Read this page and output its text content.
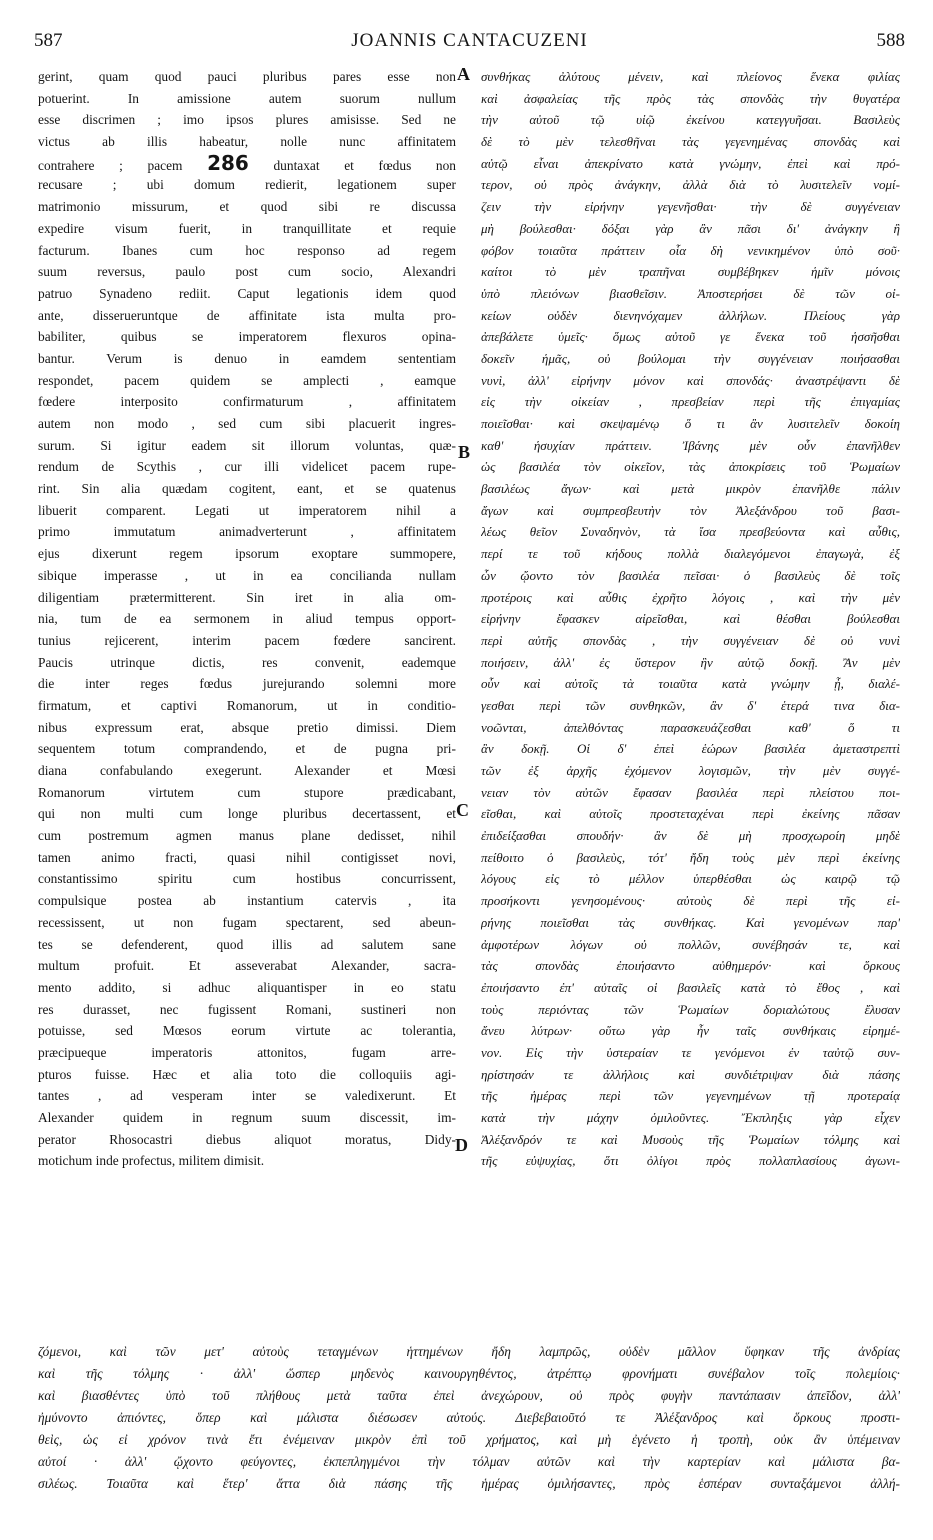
587	JOANNIS CANTACUZENI	588
A
B
C
D
gerint, quam quod pauci pluribus pares esse non
potuerint. In amissione autem suorum nullum
esse discrimen ; imo ipsos plures amisisse. Sed ne
victus ab illis habeatur, nolle nunc affinitatem
contrahere ; pacem 286 duntaxat et fœdus non
recusare ; ubi domum redierit, legationem super
matrimonio missurum, et quod sibi re discussa
expedire visum fuerit, in tranquillitate et requie
facturum. Ibanes cum hoc responso ad regem
suum reversus, paulo post cum socio, Alexandri
patruo Synadeno rediit. Caput legationis idem quod
ante, disserueruntque de affinitate ista multa pro-
babiliter, quibus se imperatorem flexuros opina-
bantur. Verum is denuo in eamdem sententiam
respondet, pacem quidem se amplecti , eamque
fœdere interposito confirmaturum , affinitatem
autem non modo , sed cum sibi placuerit ingres-
surum. Si igitur eadem sit illorum voluntas, quæ-
rendum de Scythis , cur illi videlicet pacem rupe-
rint. Sin alia quædam cogitent, eant, et se quatenus
libuerit comparent. Legati ut imperatorem nihil a
primo immutatum animadverterunt , affinitatem
ejus dixerunt regem ipsorum exoptare summopere,
sibique imperasse , ut in ea concilianda nullam
diligentiam prætermitterent. Sin iret in alia om-
nia, tum de ea sermonem in aliud tempus opport-
tunius rejicerent, interim pacem fœdere sancirent.
Paucis utrinque dictis, res convenit, eademque
die inter reges fœdus jurejurando solemni more
firmatum, et captivi Romanorum, ut in conditio-
nibus expressum erat, absque pretio dimissi. Diem
sequentem totum comprandendo, et de pugna pri-
diana confabulando exegerunt. Alexander et Mœsi
Romanorum virtutem cum stupore prædicabant,
qui non multi cum longe pluribus decertassent, et
cum postremum agmen manus plane dedisset, nihil
tamen animo fracti, quasi nihil contigisset novi,
constantissimo spiritu cum hostibus concurrissent,
compulsique postea ab instantium catervis , ita
recessissent, ut non fugam spectarent, sed abeun-
tes se defenderent, quod illis ad salutem sane
multum profuit. Et asseverabat Alexander, sacra-
mento addito, si adhuc aliquantisper in eo statu
res durasset, nec fugissent Romani, sustineri non
potuisse, sed Mœsos eorum virtute ac tolerantia,
præcipueque imperatoris attonitos, fugam arre-
pturos fuisse. Hæc et alia toto die colloquiis agi-
tantes , ad vesperam inter se valedixerunt. Et
Alexander quidem in regnum suum discessit, im-
perator Rhosocastri diebus aliquot moratus, Didy-
motichum inde profectus, militem dimisit.
συνθήκας ἀλύτους μένειν, καὶ πλείονος ἕνεκα φιλίας
καὶ ἀσφαλείας τῆς πρὸς τὰς σπονδὰς τὴν θυγατέρα
τὴν αὐτοῦ τῷ υἱῷ ἐκείνου κατεγγυῆσαι. Βασιλεὺς
δὲ τὸ μὲν τελεσθῆναι τὰς γεγενημένας σπονδὰς καὶ
αὐτῷ εἶναι ἀπεκρίνατο κατὰ γνώμην, ἐπεὶ καὶ πρό-
τερον, οὐ πρὸς ἀνάγκην, ἀλλὰ διὰ τὸ λυσιτελεῖν νομί-
ζειν τὴν εἰρήνην γεγενῆσθαι· τὴν δὲ συγγένειαν
μὴ βούλεσθαι· δόξαι γὰρ ἂν πᾶσι δι' ἀνάγκην ἢ
φόβον τοιαῦτα πράττειν οἷα δὴ νενικημένον ὑπὸ σοῦ·
καίτοι τὸ μὲν τραπῆναι συμβέβηκεν ἡμῖν μόνοις
ὑπὸ πλειόνων βιασθεῖσιν. Ἀποστερήσει δὲ τῶν οἰ-
κείων οὐδὲν διενηνόχαμεν ἀλλήλων. Πλείους γὰρ
ἀπεβάλετε ὑμεῖς· ὅμως αὐτοῦ γε ἕνεκα τοῦ ἡσσῆσθαι
δοκεῖν ἡμᾶς, οὐ βούλομαι τὴν συγγένειαν ποιήσασθαι
νυνὶ, ἀλλ' εἰρήνην μόνον καὶ σπονδάς· ἀναστρέψαντι δὲ
εἰς τὴν οἰκείαν , πρεσβείαν περὶ τῆς ἐπιγαμίας
ποιεῖσθαι· καὶ σκεψαμένῳ ὅ τι ἂν λυσιτελεῖν δοκοίη
καθ' ἡσυχίαν πράττειν. Ἰβάνης μὲν οὖν ἐπανῆλθεν
ὡς βασιλέα τὸν οἰκεῖον, τὰς ἀποκρίσεις τοῦ Ῥωμαίων
βασιλέως ἄγων· καὶ μετὰ μικρὸν ἐπανῆλθε πάλιν
ἄγων καὶ συμπρεσβευτὴν τὸν Ἀλεξάνδρου τοῦ βασι-
λέως θεῖον Συναδηνὸν, τὰ ἴσα πρεσβεύοντα καὶ αὖθις,
περί τε τοῦ κήδους πολλὰ διαλεγόμενοι ἐπαγωγὰ, ἐξ
ὧν ᾤοντο τὸν βασιλέα πεῖσαι· ὁ βασιλεὺς δὲ τοῖς
προτέροις καὶ αὖθις ἐχρῆτο λόγοις , καὶ τὴν μὲν
εἰρήνην ἔφασκεν αἱρεῖσθαι, καὶ θέσθαι βούλεσθαι
περὶ αὐτῆς σπονδὰς , τὴν συγγένειαν δὲ οὐ νυνὶ
ποιήσειν, ἀλλ' ἐς ὕστερον ἣν αὐτῷ δοκῇ. Ἂν μὲν
οὖν καὶ αὐτοῖς τὰ τοιαῦτα κατὰ γνώμην ᾖ, διαλέ-
γεσθαι περὶ τῶν συνθηκῶν, ἂν δ' ἑτερά τινα δια-
νοῶνται, ἀπελθόντας παρασκευάζεσθαι καθ' ὅ τι
ἂν δοκῇ. Οἱ δ' ἐπεὶ ἑώρων βασιλέα ἀμεταστρεπτὶ
τῶν ἐξ ἀρχῆς ἐχόμενον λογισμῶν, τὴν μὲν συγγέ-
νειαν τὸν αὐτῶν ἔφασαν βασιλέα περὶ πλείστου ποι-
εῖσθαι, καὶ αὐτοῖς προστεταχέναι περὶ ἐκείνης πᾶσαν
ἐπιδείξασθαι σπουδήν· ἂν δὲ μὴ προσχωροίη μηδὲ
πείθοιτο ὁ βασιλεὺς, τότ' ἤδη τοὺς μὲν περὶ ἐκείνης
λόγους εἰς τὸ μέλλον ὑπερθέσθαι ὡς καιρῷ τῷ
προσήκοντι γενησομένους· αὐτοὺς δὲ περὶ τῆς εἰ-
ρήνης ποιεῖσθαι τὰς συνθήκας. Καὶ γενομένων παρ'
ἀμφοτέρων λόγων οὐ πολλῶν, συνέβησάν τε, καὶ
τὰς σπονδὰς ἐποιήσαντο αὐθημερόν· καὶ ὅρκους
ἐποιήσαντο ἐπ' αὐταῖς οἱ βασιλεῖς κατὰ τὸ ἔθος , καὶ
τοὺς περιόντας τῶν Ῥωμαίων δοριαλώτους ἔλυσαν
ἄνευ λύτρων· οὕτω γὰρ ἦν ταῖς συνθήκαις εἰρημέ-
νον. Εἰς τὴν ὑστεραίαν τε γενόμενοι ἐν ταὐτῷ συν-
ηρίστησάν τε ἀλλήλοις καὶ συνδιέτριψαν διὰ πάσης
τῆς ἡμέρας περὶ τῶν γεγενημένων τῇ προτεραίᾳ
κατὰ τὴν μάχην ὁμιλοῦντες. Ἔκπληξις γὰρ εἶχεν
Ἀλέξανδρόν τε καὶ Μυσοὺς τῆς Ῥωμαίων τόλμης καὶ
τῆς εὐψυχίας, ὅτι ὀλίγοι πρὸς πολλαπλασίους ἀγωνι-
ζόμενοι, καὶ τῶν μετ' αὐτοὺς τεταγμένων ἡττημένων ἤδη λαμπρῶς, οὐδὲν μᾶλλον ὕφηκαν τῆς ἀνδρίας
καὶ τῆς τόλμης · ἀλλ' ὥσπερ μηδενὸς καινουργηθέντος, ἀτρέπτῳ φρονήματι συνέβαλον τοῖς πολεμίοις·
καὶ βιασθέντες ὑπὸ τοῦ πλήθους μετὰ ταῦτα ἐπεὶ ἀνεχώρουν, οὐ πρὸς φυγὴν παντάπασιν ἀπεῖδον, ἀλλ'
ἠμύνοντο ἀπιόντες, ὅπερ καὶ μάλιστα διέσωσεν αὐτούς. Διεβεβαιοῦτό τε Ἀλέξανδρος καὶ ὅρκους προστι-
θεὶς, ὡς εἰ χρόνον τινὰ ἔτι ἐνέμειναν μικρὸν ἐπὶ τοῦ χρήματος, καὶ μὴ ἐγένετο ἡ τροπὴ, οὐκ ἂν ὑπέμειναν
αὐτοί · ἀλλ' ᾤχοντο φεύγοντες, ἐκπεπληγμένοι τὴν τόλμαν αὐτῶν καὶ τὴν καρτερίαν καὶ μάλιστα βα-
σιλέως. Τοιαῦτα καὶ ἕτερ' ἄττα διὰ πάσης τῆς ἡμέρας ὁμιλήσαντες, πρὸς ἑσπέραν συνταξάμενοι ἀλλή-
